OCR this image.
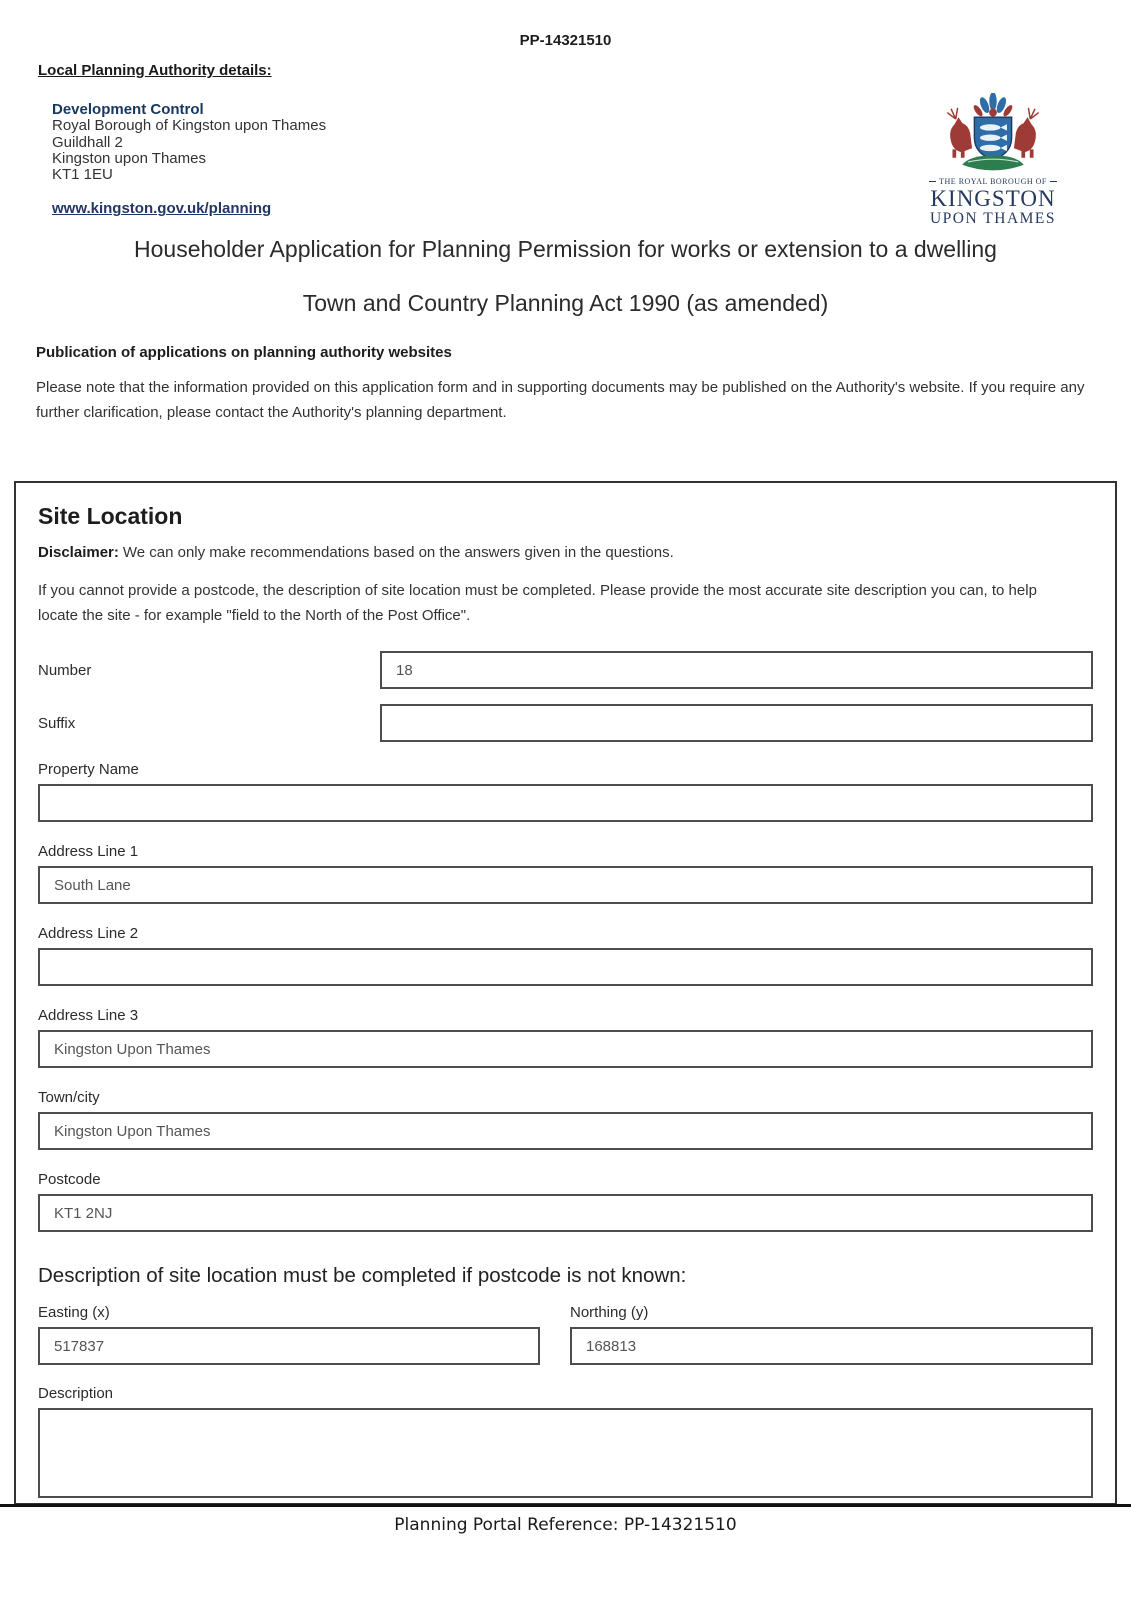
PP-14321510
Local Planning Authority details:
Development Control
Royal Borough of Kingston upon Thames
Guildhall 2
Kingston upon Thames
KT1 1EU
www.kingston.gov.uk/planning
THE ROYAL BOROUGH OF
KINGSTON
UPON THAMES
Householder Application for Planning Permission for works or extension to a dwelling
Town and Country Planning Act 1990 (as amended)
Publication of applications on planning authority websites

Please note that the information provided on this application form and in supporting documents may be published on the Authority's website. If you require any further clarification, please contact the Authority's planning department.

Site Location

Disclaimer: We can only make recommendations based on the answers given in the questions.

If you cannot provide a postcode, the description of site location must be completed. Please provide the most accurate site description you can, to help locate the site - for example "field to the North of the Post Office".

Number
18
Suffix
Property Name
Address Line 1
South Lane
Address Line 2
Address Line 3
Kingston Upon Thames
Town/city
Kingston Upon Thames
Postcode
KT1 2NJ
Description of site location must be completed if postcode is not known:
Easting (x)
517837	Northing (y)
168813
Description
Planning Portal Reference: PP-14321510
